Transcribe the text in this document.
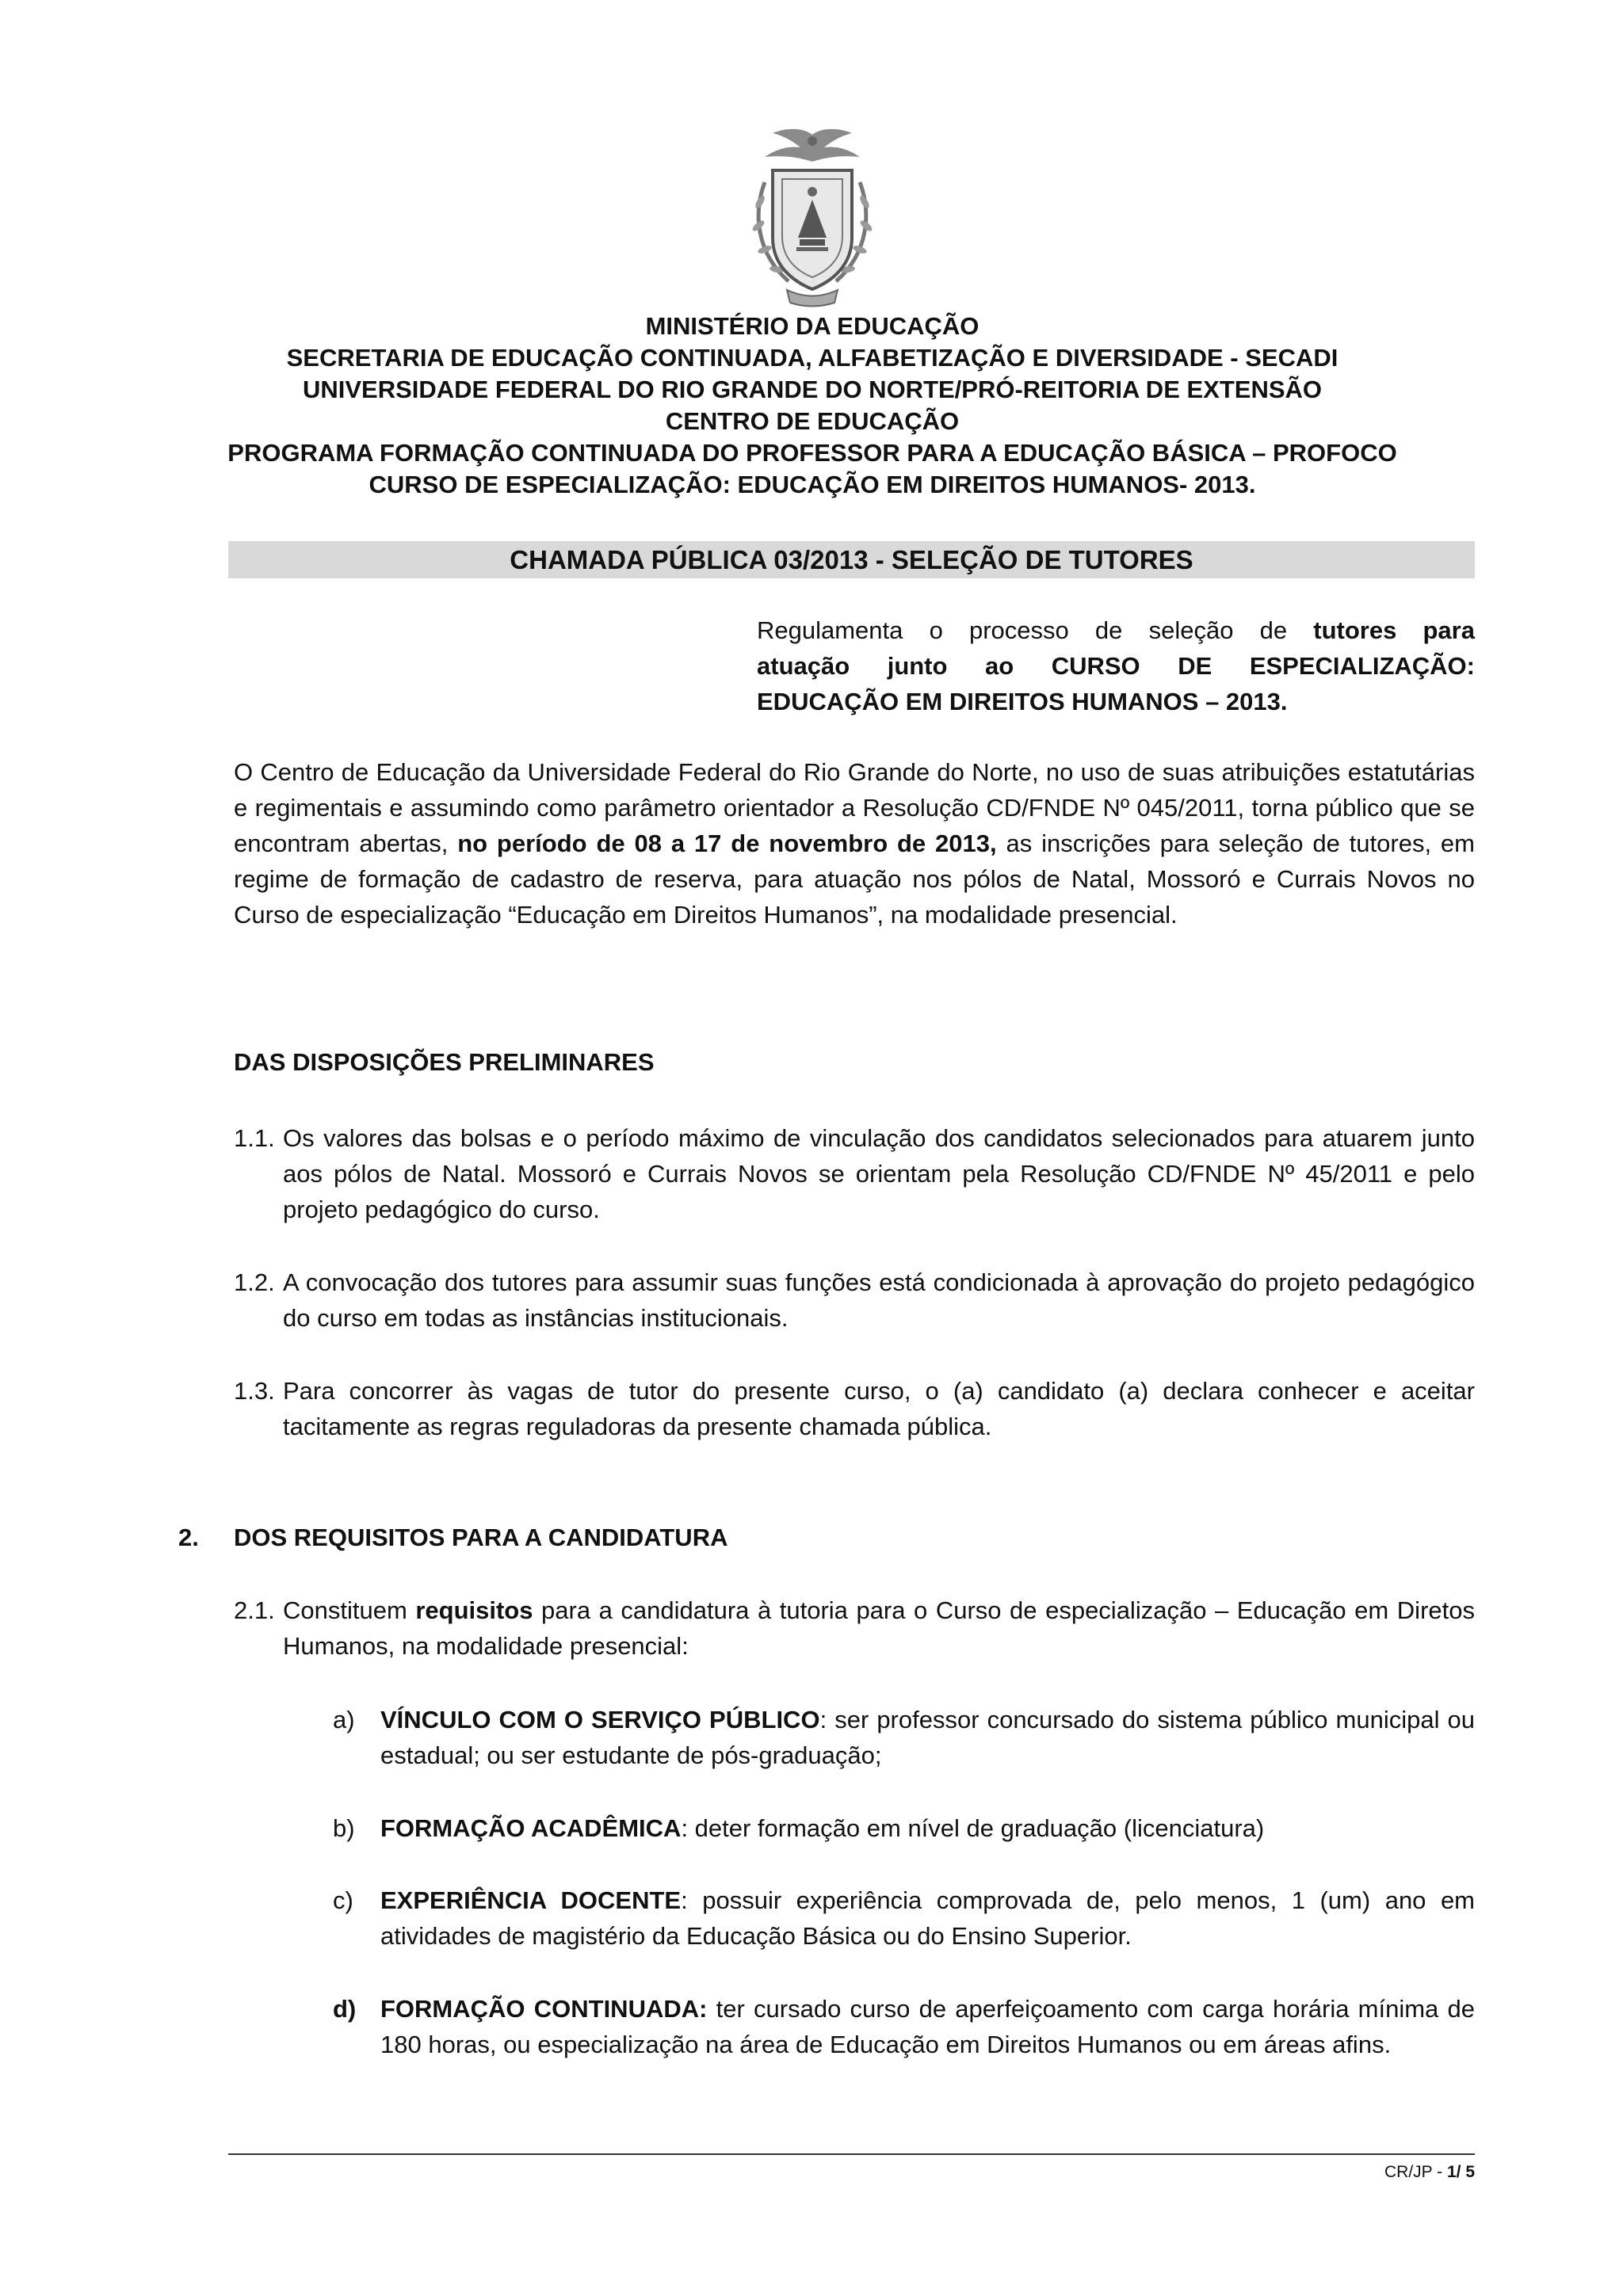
MINISTÉRIO DA EDUCAÇÃO
SECRETARIA DE EDUCAÇÃO CONTINUADA, ALFABETIZAÇÃO E DIVERSIDADE - SECADI
UNIVERSIDADE FEDERAL DO RIO GRANDE DO NORTE/PRÓ-REITORIA DE EXTENSÃO
CENTRO DE EDUCAÇÃO
PROGRAMA FORMAÇÃO CONTINUADA DO PROFESSOR PARA A EDUCAÇÃO BÁSICA – PROFOCO
CURSO DE ESPECIALIZAÇÃO: EDUCAÇÃO EM DIREITOS HUMANOS- 2013.
CHAMADA PÚBLICA 03/2013 - SELEÇÃO DE TUTORES
Regulamenta o processo de seleção de tutores para
atuação junto ao CURSO DE ESPECIALIZAÇÃO:
EDUCAÇÃO EM DIREITOS HUMANOS – 2013.
O Centro de Educação da Universidade Federal do Rio Grande do Norte, no uso de suas atribuições estatutárias e regimentais e assumindo como parâmetro orientador a Resolução CD/FNDE Nº 045/2011, torna público que se encontram abertas, no período de 08 a 17 de novembro de 2013, as inscrições para seleção de tutores, em regime de formação de cadastro de reserva, para atuação nos pólos de Natal, Mossoró e Currais Novos no Curso de especialização “Educação em Direitos Humanos”, na modalidade presencial.
DAS DISPOSIÇÕES PRELIMINARES
1.1. Os valores das bolsas e o período máximo de vinculação dos candidatos selecionados para atuarem junto aos pólos de Natal. Mossoró e Currais Novos se orientam pela Resolução CD/FNDE Nº 45/2011 e pelo projeto pedagógico do curso.
1.2. A convocação dos tutores para assumir suas funções está condicionada à aprovação do projeto pedagógico do curso em todas as instâncias institucionais.
1.3. Para concorrer às vagas de tutor do presente curso, o (a) candidato (a) declara conhecer e aceitar tacitamente as regras reguladoras da presente chamada pública.
2. DOS REQUISITOS PARA A CANDIDATURA
2.1. Constituem requisitos para a candidatura à tutoria para o Curso de especialização – Educação em Diretos Humanos, na modalidade presencial:
a) VÍNCULO COM O SERVIÇO PÚBLICO: ser professor concursado do sistema público municipal ou estadual; ou ser estudante de pós-graduação;
b) FORMAÇÃO ACADÊMICA: deter formação em nível de graduação (licenciatura)
c) EXPERIÊNCIA DOCENTE: possuir experiência comprovada de, pelo menos, 1 (um) ano em atividades de magistério da Educação Básica ou do Ensino Superior.
d) FORMAÇÃO CONTINUADA: ter cursado curso de aperfeiçoamento com carga horária mínima de 180 horas, ou especialização na área de Educação em Direitos Humanos ou em áreas afins.
CR/JP - 1/ 5
